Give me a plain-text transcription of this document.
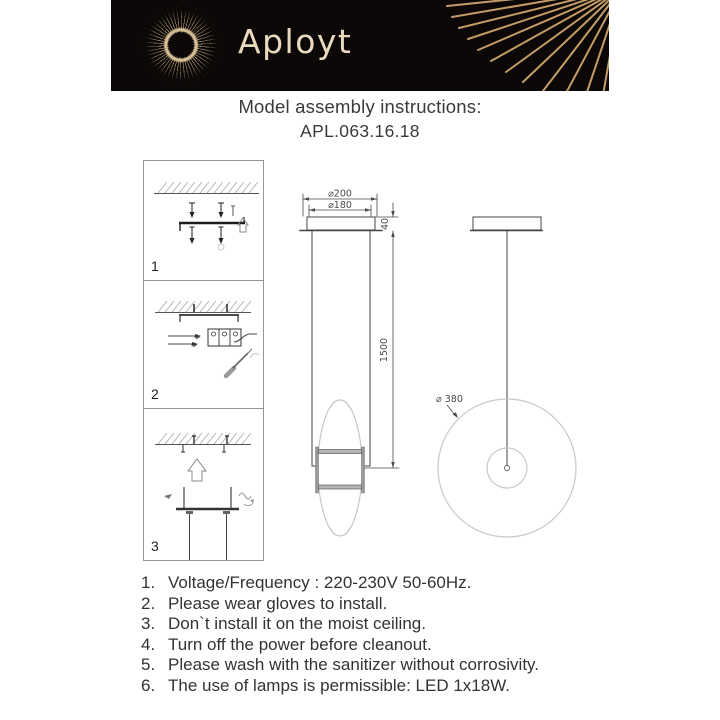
Aployt
Model assembly instructions:
APL.063.16.18
1
2
3
⌀200
⌀180
40
1500
⌀ 380
1. Voltage/Frequency : 220-230V 50-60Hz.
2. Please wear gloves to install.
3. Don`t install it on the moist ceiling.
4. Turn off the power before cleanout.
5. Please wash with the sanitizer without corrosivity.
6. The use of lamps is permissible: LED 1x18W.
